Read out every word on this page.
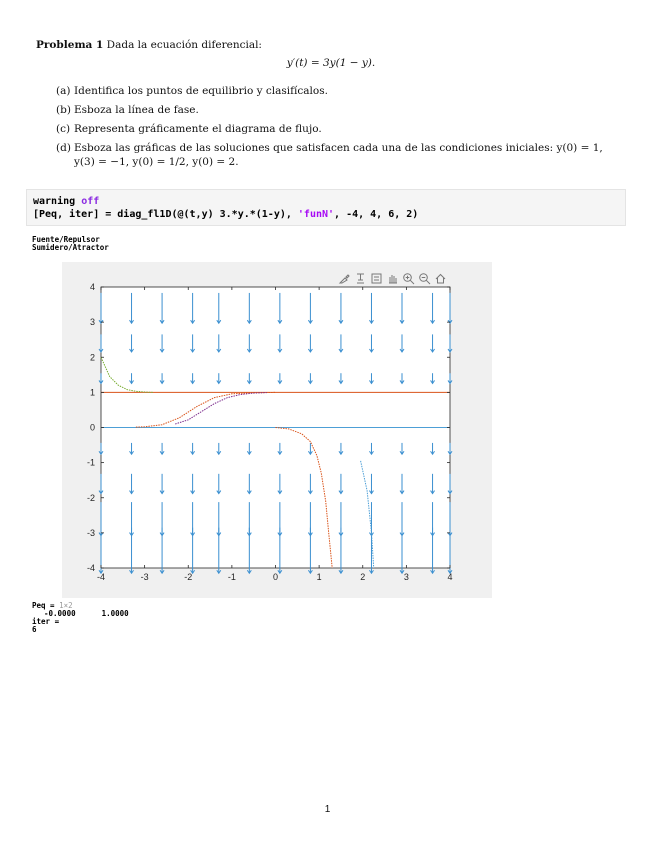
Problema 1 Dada la ecuación diferencial:
y′(t) = 3y(1 − y).
(a) Identifica los puntos de equilibrio y clasifícalos.
(b) Esboza la línea de fase.
(c) Representa gráficamente el diagrama de flujo.
(d) Esboza las gráficas de las soluciones que satisfacen cada una de las condiciones iniciales: y(0) = 1, y(3) = −1, y(0) = 1/2, y(0) = 2.
warning off
[Peq, iter] = diag_fl1D(@(t,y) 3.*y.*(1-y), 'funN', -4, 4, 6, 2)
Fuente/Repulsor
Sumidero/Atractor
-4	-3	-2	-1	0	1	2	3	4
-4
-3
-2
-1
0
1
2
3
4
Peq = 1×2
-0.0000	1.0000
iter =
6
1
